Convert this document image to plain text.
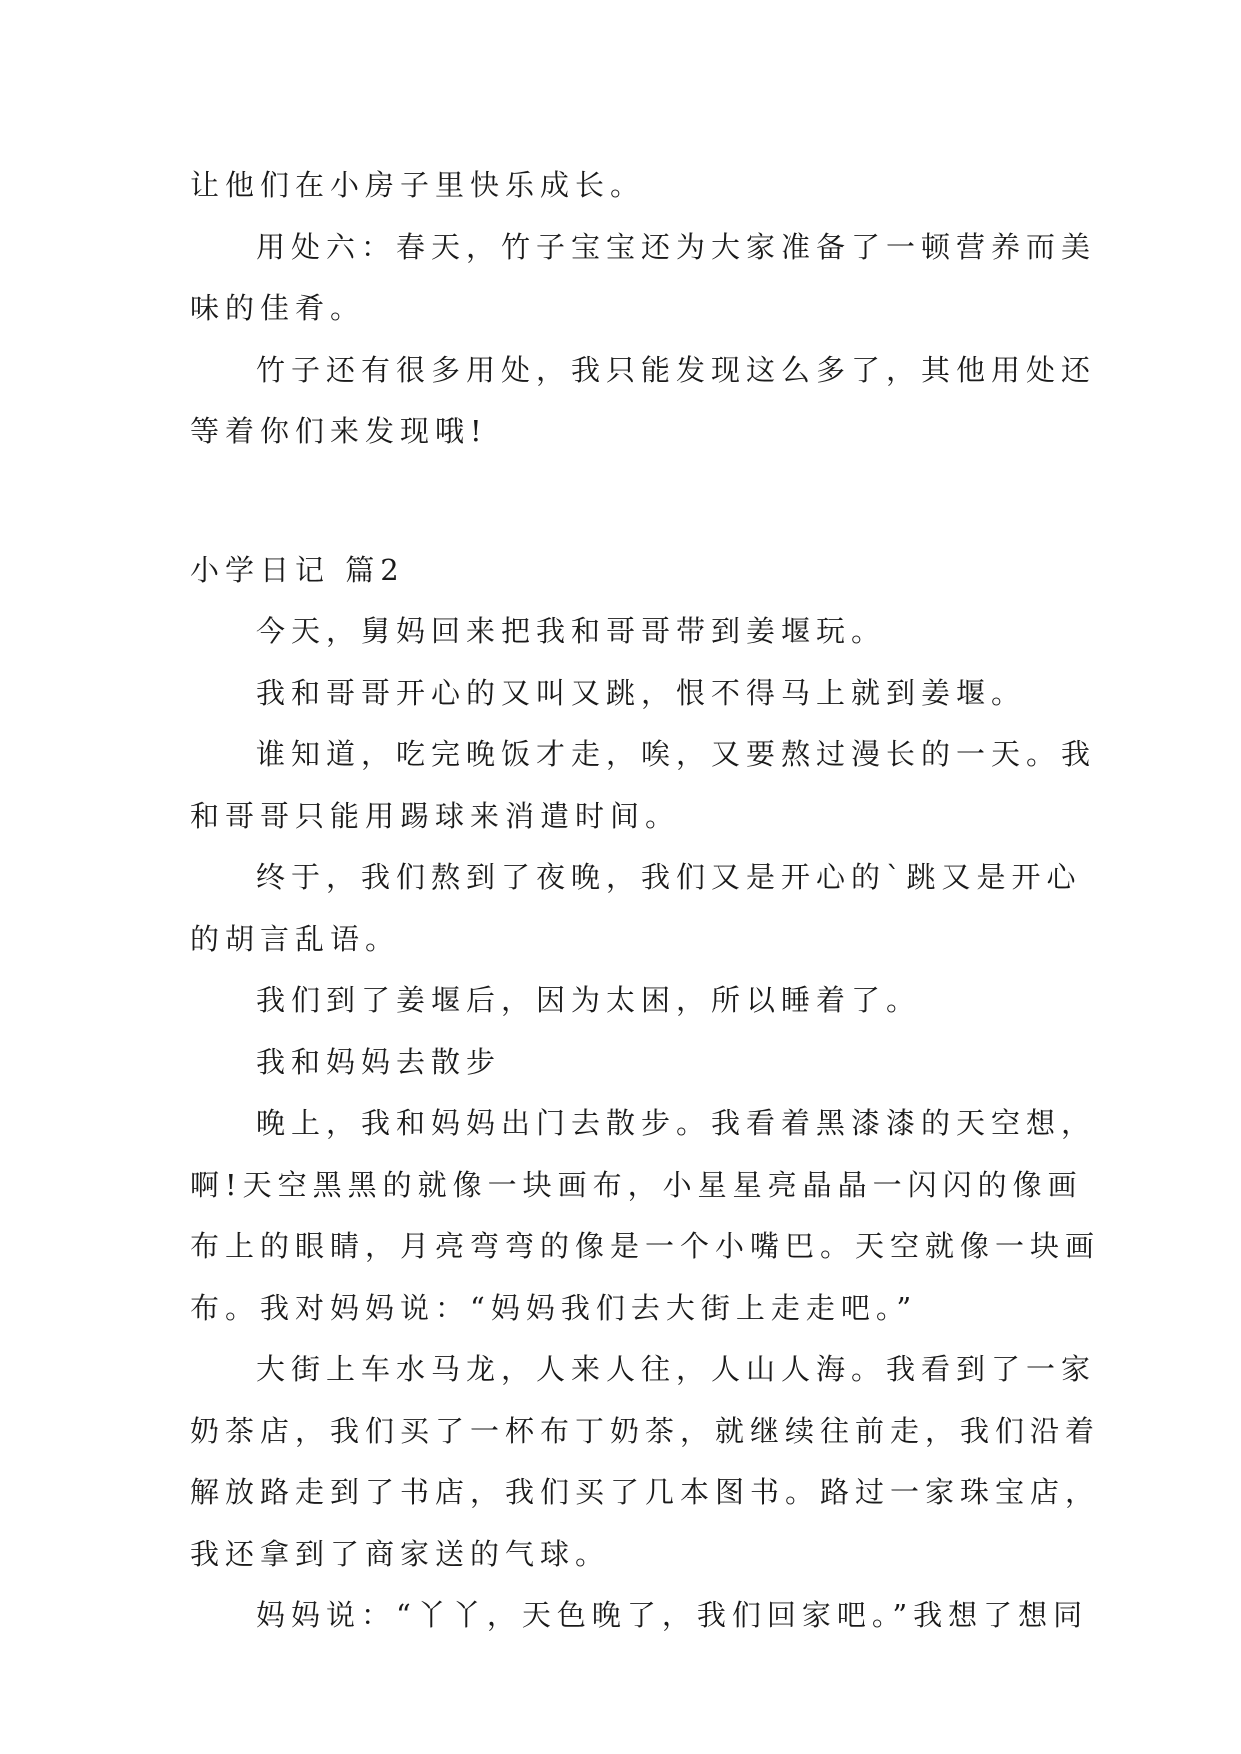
让他们在小房子里快乐成长。
用处六：春天，竹子宝宝还为大家准备了一顿营养而美
味的佳肴。
竹子还有很多用处，我只能发现这么多了，其他用处还
等着你们来发现哦!
小学日记 篇2
今天，舅妈回来把我和哥哥带到姜堰玩。
我和哥哥开心的又叫又跳，恨不得马上就到姜堰。
谁知道，吃完晚饭才走，唉，又要熬过漫长的一天。我
和哥哥只能用踢球来消遣时间。
终于，我们熬到了夜晚，我们又是开心的`跳又是开心
的胡言乱语。
我们到了姜堰后，因为太困，所以睡着了。
我和妈妈去散步
晚上，我和妈妈出门去散步。我看着黑漆漆的天空想，
啊!天空黑黑的就像一块画布，小星星亮晶晶一闪闪的像画
布上的眼睛，月亮弯弯的像是一个小嘴巴。天空就像一块画
布。我对妈妈说：“妈妈我们去大街上走走吧。”
大街上车水马龙，人来人往，人山人海。我看到了一家
奶茶店，我们买了一杯布丁奶茶，就继续往前走，我们沿着
解放路走到了书店，我们买了几本图书。路过一家珠宝店，
我还拿到了商家送的气球。
妈妈说：“丫丫，天色晚了，我们回家吧。”我想了想同
